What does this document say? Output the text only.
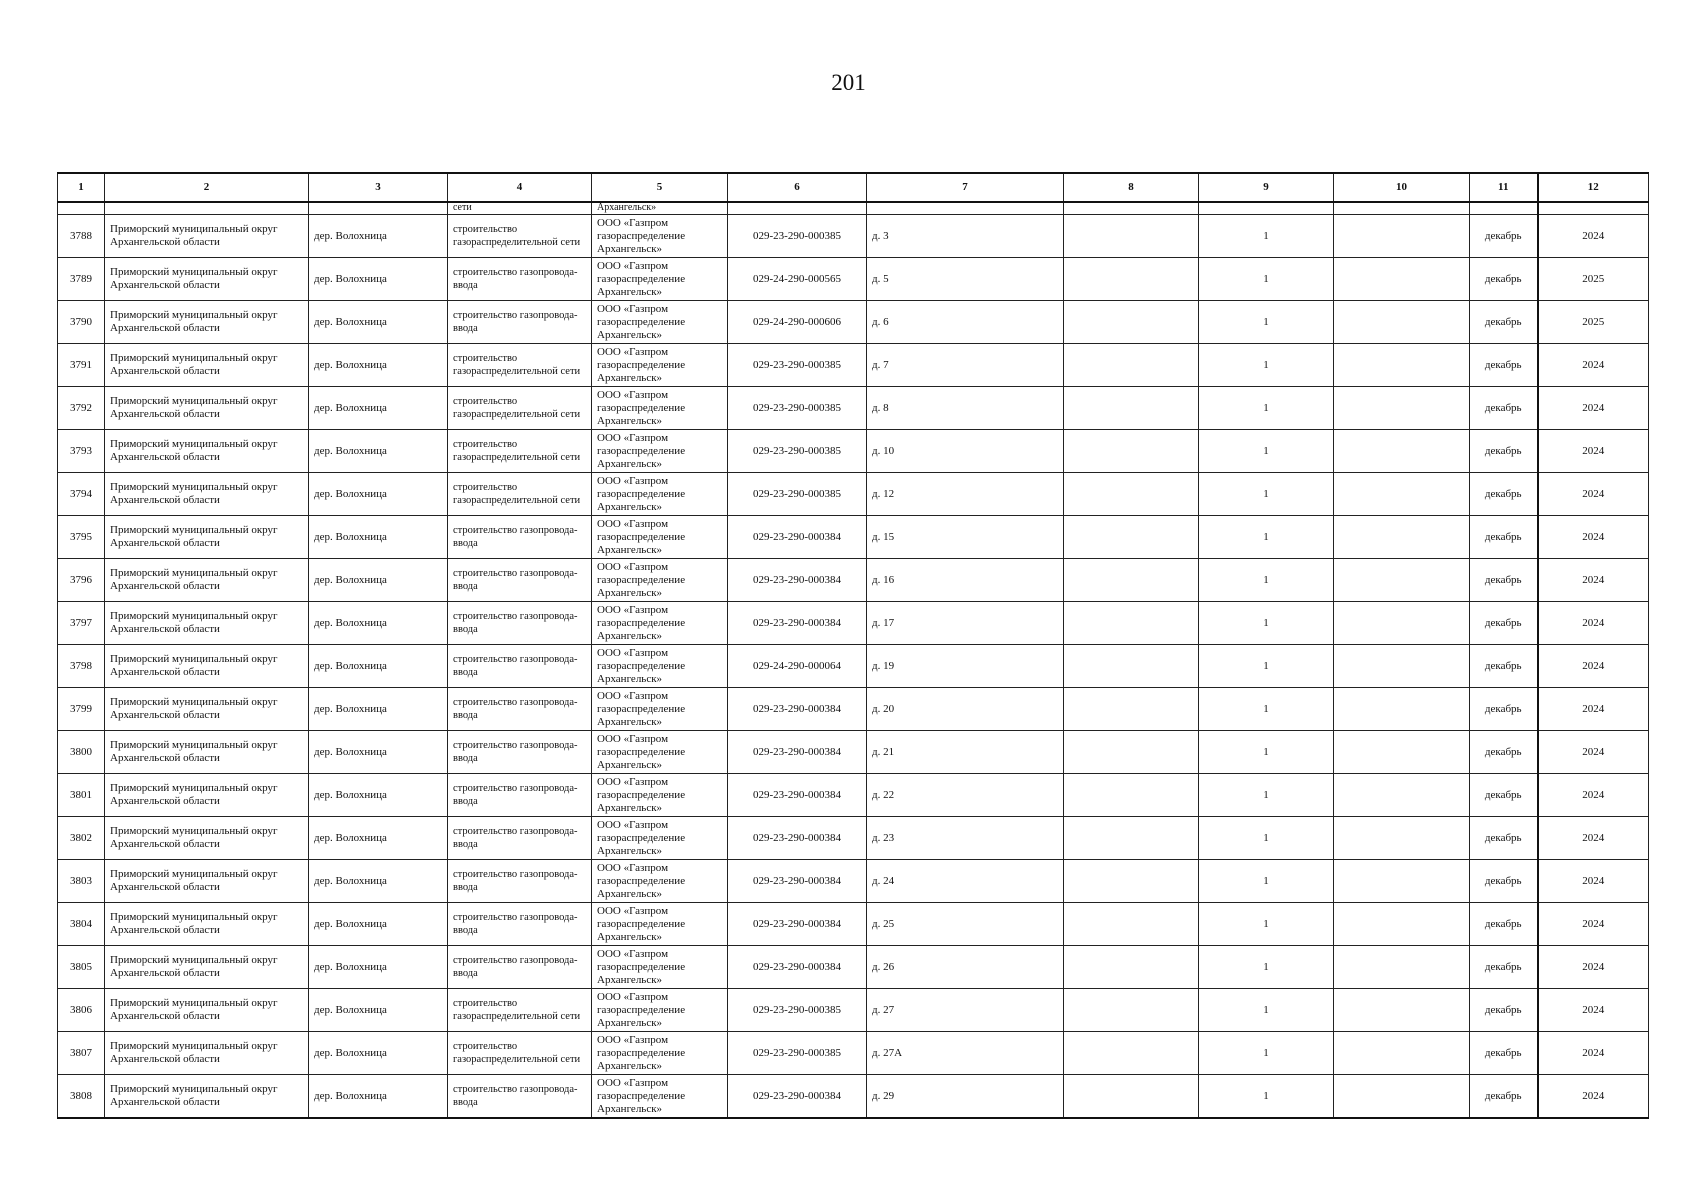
201
1	2	3	4	5	6	7	8	9	10	11	12
			сети	Архангельск»							
3788	Приморский муниципальный округ Архангельской области	дер. Волохница	строительство газораспределительной сети	ООО «Газпром газораспределение Архангельск»	029-23-290-000385	д. 3		1		декабрь	2024
3789	Приморский муниципальный округ Архангельской области	дер. Волохница	строительство газопровода-ввода	ООО «Газпром газораспределение Архангельск»	029-24-290-000565	д. 5		1		декабрь	2025
3790	Приморский муниципальный округ Архангельской области	дер. Волохница	строительство газопровода-ввода	ООО «Газпром газораспределение Архангельск»	029-24-290-000606	д. 6		1		декабрь	2025
3791	Приморский муниципальный округ Архангельской области	дер. Волохница	строительство газораспределительной сети	ООО «Газпром газораспределение Архангельск»	029-23-290-000385	д. 7		1		декабрь	2024
3792	Приморский муниципальный округ Архангельской области	дер. Волохница	строительство газораспределительной сети	ООО «Газпром газораспределение Архангельск»	029-23-290-000385	д. 8		1		декабрь	2024
3793	Приморский муниципальный округ Архангельской области	дер. Волохница	строительство газораспределительной сети	ООО «Газпром газораспределение Архангельск»	029-23-290-000385	д. 10		1		декабрь	2024
3794	Приморский муниципальный округ Архангельской области	дер. Волохница	строительство газораспределительной сети	ООО «Газпром газораспределение Архангельск»	029-23-290-000385	д. 12		1		декабрь	2024
3795	Приморский муниципальный округ Архангельской области	дер. Волохница	строительство газопровода-ввода	ООО «Газпром газораспределение Архангельск»	029-23-290-000384	д. 15		1		декабрь	2024
3796	Приморский муниципальный округ Архангельской области	дер. Волохница	строительство газопровода-ввода	ООО «Газпром газораспределение Архангельск»	029-23-290-000384	д. 16		1		декабрь	2024
3797	Приморский муниципальный округ Архангельской области	дер. Волохница	строительство газопровода-ввода	ООО «Газпром газораспределение Архангельск»	029-23-290-000384	д. 17		1		декабрь	2024
3798	Приморский муниципальный округ Архангельской области	дер. Волохница	строительство газопровода-ввода	ООО «Газпром газораспределение Архангельск»	029-24-290-000064	д. 19		1		декабрь	2024
3799	Приморский муниципальный округ Архангельской области	дер. Волохница	строительство газопровода-ввода	ООО «Газпром газораспределение Архангельск»	029-23-290-000384	д. 20		1		декабрь	2024
3800	Приморский муниципальный округ Архангельской области	дер. Волохница	строительство газопровода-ввода	ООО «Газпром газораспределение Архангельск»	029-23-290-000384	д. 21		1		декабрь	2024
3801	Приморский муниципальный округ Архангельской области	дер. Волохница	строительство газопровода-ввода	ООО «Газпром газораспределение Архангельск»	029-23-290-000384	д. 22		1		декабрь	2024
3802	Приморский муниципальный округ Архангельской области	дер. Волохница	строительство газопровода-ввода	ООО «Газпром газораспределение Архангельск»	029-23-290-000384	д. 23		1		декабрь	2024
3803	Приморский муниципальный округ Архангельской области	дер. Волохница	строительство газопровода-ввода	ООО «Газпром газораспределение Архангельск»	029-23-290-000384	д. 24		1		декабрь	2024
3804	Приморский муниципальный округ Архангельской области	дер. Волохница	строительство газопровода-ввода	ООО «Газпром газораспределение Архангельск»	029-23-290-000384	д. 25		1		декабрь	2024
3805	Приморский муниципальный округ Архангельской области	дер. Волохница	строительство газопровода-ввода	ООО «Газпром газораспределение Архангельск»	029-23-290-000384	д. 26		1		декабрь	2024
3806	Приморский муниципальный округ Архангельской области	дер. Волохница	строительство газораспределительной сети	ООО «Газпром газораспределение Архангельск»	029-23-290-000385	д. 27		1		декабрь	2024
3807	Приморский муниципальный округ Архангельской области	дер. Волохница	строительство газораспределительной сети	ООО «Газпром газораспределение Архангельск»	029-23-290-000385	д. 27А		1		декабрь	2024
3808	Приморский муниципальный округ Архангельской области	дер. Волохница	строительство газопровода-ввода	ООО «Газпром газораспределение Архангельск»	029-23-290-000384	д. 29		1		декабрь	2024
